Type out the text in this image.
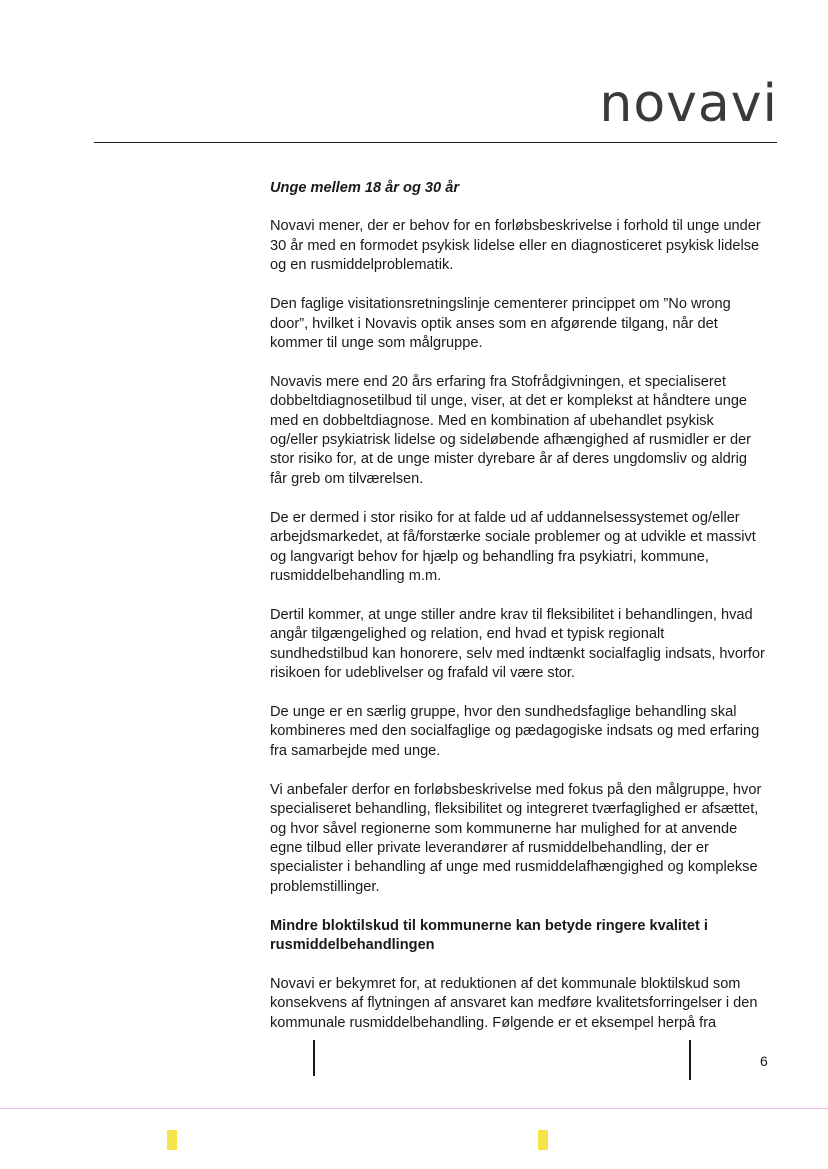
novavi

Unge mellem 18 år og 30 år

Novavi mener, der er behov for en forløbsbeskrivelse i forhold til unge under 30 år med en formodet psykisk lidelse eller en diagnosticeret psykisk lidelse og en rusmiddelproblematik.

Den faglige visitationsretningslinje cementerer princippet om ”No wrong door”, hvilket i Novavis optik anses som en afgørende tilgang, når det kommer til unge som målgruppe.

Novavis mere end 20 års erfaring fra Stofrådgivningen, et specialiseret dobbeltdiagnosetilbud til unge, viser, at det er komplekst at håndtere unge med en dobbeltdiagnose. Med en kombination af ubehandlet psykisk og/eller psykiatrisk lidelse og sideløbende afhængighed af rusmidler er der stor risiko for, at de unge mister dyrebare år af deres ungdomsliv og aldrig får greb om tilværelsen.

De er dermed i stor risiko for at falde ud af uddannelsessystemet og/eller arbejdsmarkedet, at få/forstærke sociale problemer og at udvikle et massivt og langvarigt behov for hjælp og behandling fra psykiatri, kommune, rusmiddelbehandling m.m.

Dertil kommer, at unge stiller andre krav til fleksibilitet i behandlingen, hvad angår tilgængelighed og relation, end hvad et typisk regionalt sundhedstilbud kan honorere, selv med indtænkt socialfaglig indsats, hvorfor risikoen for udeblivelser og frafald vil være stor.

De unge er en særlig gruppe, hvor den sundhedsfaglige behandling skal kombineres med den socialfaglige og pædagogiske indsats og med erfaring fra samarbejde med unge.

Vi anbefaler derfor en forløbsbeskrivelse med fokus på den målgruppe, hvor specialiseret behandling, fleksibilitet og integreret tværfaglighed er afsættet, og hvor såvel regionerne som kommunerne har mulighed for at anvende egne tilbud eller private leverandører af rusmiddelbehandling, der er specialister i behandling af unge med rusmiddelafhængighed og komplekse problemstillinger.

Mindre bloktilskud til kommunerne kan betyde ringere kvalitet i rusmiddelbehandlingen

Novavi er bekymret for, at reduktionen af det kommunale bloktilskud som konsekvens af flytningen af ansvaret kan medføre kvalitetsforringelser i den kommunale rusmiddelbehandling. Følgende er et eksempel herpå fra

6
